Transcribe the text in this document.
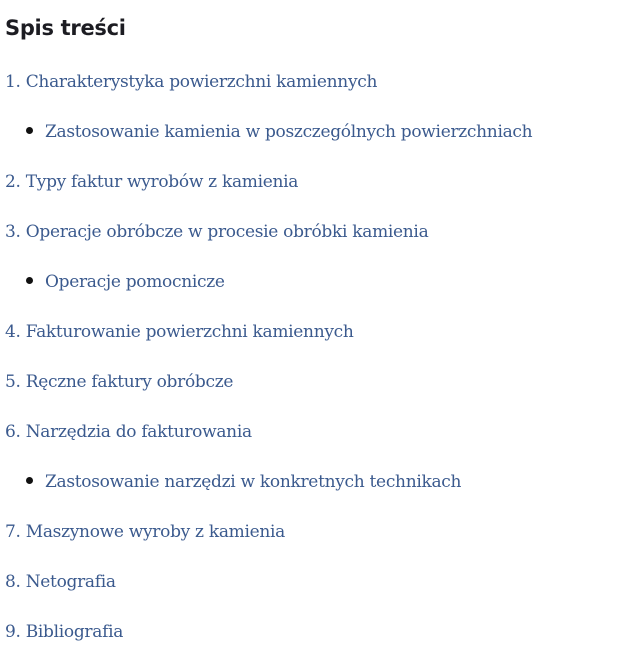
Spis treści
1. Charakterystyka powierzchni kamiennych
Zastosowanie kamienia w poszczególnych powierzchniach
2. Typy faktur wyrobów z kamienia
3. Operacje obróbcze w procesie obróbki kamienia
Operacje pomocnicze
4. Fakturowanie powierzchni kamiennych
5. Ręczne faktury obróbcze
6. Narzędzia do fakturowania
Zastosowanie narzędzi w konkretnych technikach
7. Maszynowe wyroby z kamienia
8. Netografia
9. Bibliografia
